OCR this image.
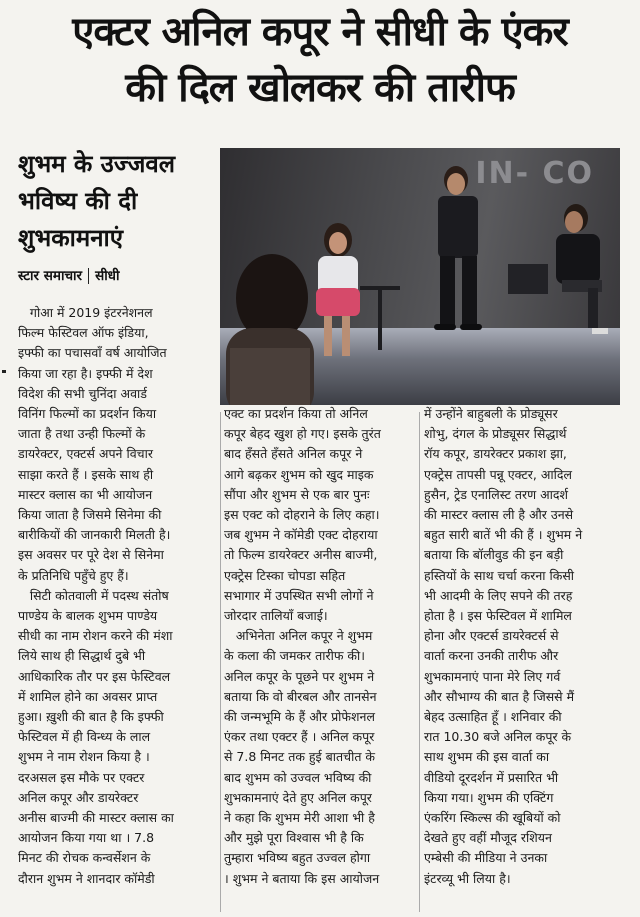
एक्टर अनिल कपूर ने सीधी के एंकर
की दिल खोलकर की तारीफ
शुभम के उज्जवल
भविष्य की दी
शुभकामनाएं
स्टार समाचार सीधी
IN- CO
गोआ में 2019 इंटरनेशनल
फिल्म फेस्टिवल ऑफ इंडिया,
इफ्फी का पचासवाँ वर्ष आयोजित
किया जा रहा है। इफ्फी में देश
विदेश की सभी चुनिंदा अवार्ड
विनिंग फिल्मों का प्रदर्शन किया
जाता है तथा उन्ही फिल्मों के
डायरेक्टर, एक्टर्स अपने विचार
साझा करते हैं । इसके साथ ही
मास्टर क्लास का भी आयोजन
किया जाता है जिसमे सिनेमा की
बारीकियों की जानकारी मिलती है।
इस अवसर पर पूरे देश से सिनेमा
के प्रतिनिधि पहुँचे हुए हैं।
सिटी कोतवाली में पदस्थ संतोष
पाण्डेय के बालक शुभम पाण्डेय
सीधी का नाम रोशन करने की मंशा
लिये साथ ही सिद्धार्थ दुबे भी
आधिकारिक तौर पर इस फेस्टिवल
में शामिल होने का अवसर प्राप्त
हुआ। ख़ुशी की बात है कि इफ्फी
फेस्टिवल में ही विन्ध्य के लाल
शुभम ने नाम रोशन किया है ।
दरअसल इस मौके पर एक्टर
अनिल कपूर और डायरेक्टर
अनीस बाज्मी की मास्टर क्लास का
आयोजन किया गया था । 7.8
मिनट की रोचक कन्वर्सेशन के
दौरान शुभम ने शानदार कॉमेडी
एक्ट का प्रदर्शन किया तो अनिल
कपूर बेहद खुश हो गए। इसके तुरंत
बाद हँसते हँसते अनिल कपूर ने
आगे बढ़कर शुभम को खुद माइक
सौंपा और शुभम से एक बार पुनः
इस एक्ट को दोहराने के लिए कहा।
जब शुभम ने कॉमेडी एक्ट दोहराया
तो फिल्म डायरेक्टर अनीस बाज्मी,
एक्ट्रेस टिस्का चोपडा सहित
सभागार में उपस्थित सभी लोगों ने
जोरदार तालियाँ बजाई।
अभिनेता अनिल कपूर ने शुभम
के कला की जमकर तारीफ की।
अनिल कपूर के पूछने पर शुभम ने
बताया कि वो बीरबल और तानसेन
की जन्मभूमि के हैं और प्रोफेशनल
एंकर तथा एक्टर हैं । अनिल कपूर
से 7.8 मिनट तक हुई बातचीत के
बाद शुभम को उज्वल भविष्य की
शुभकामनाएं देते हुए अनिल कपूर
ने कहा कि शुभम मेरी आशा भी है
और मुझे पूरा विश्वास भी है कि
तुम्हारा भविष्य बहुत उज्वल होगा
। शुभम ने बताया कि इस आयोजन
में उन्होंने बाहुबली के प्रोड्यूसर
शोभु, दंगल के प्रोड्यूसर सिद्धार्थ
रॉय कपूर, डायरेक्टर प्रकाश झा,
एक्ट्रेस तापसी पन्नू एक्टर, आदिल
हुसैन, ट्रेड एनालिस्ट तरण आदर्श
की मास्टर क्लास ली है और उनसे
बहुत सारी बातें भी की हैं । शुभम ने
बताया कि बॉलीवुड की इन बड़ी
हस्तियों के साथ चर्चा करना किसी
भी आदमी के लिए सपने की तरह
होता है । इस फेस्टिवल में शामिल
होना और एक्टर्स डायरेक्टर्स से
वार्ता करना उनकी तारीफ और
शुभकामनाएं पाना मेरे लिए गर्व
और सौभाग्य की बात है जिससे मैं
बेहद उत्साहित हूँ । शनिवार की
रात 10.30 बजे अनिल कपूर के
साथ शुभम की इस वार्ता का
वीडियो दूरदर्शन में प्रसारित भी
किया गया। शुभम की एक्टिंग
एंकरिंग स्किल्स की खूबियों को
देखते हुए वहीं मौजूद रशियन
एम्बेसी की मीडिया ने उनका
इंटरव्यू भी लिया है।
